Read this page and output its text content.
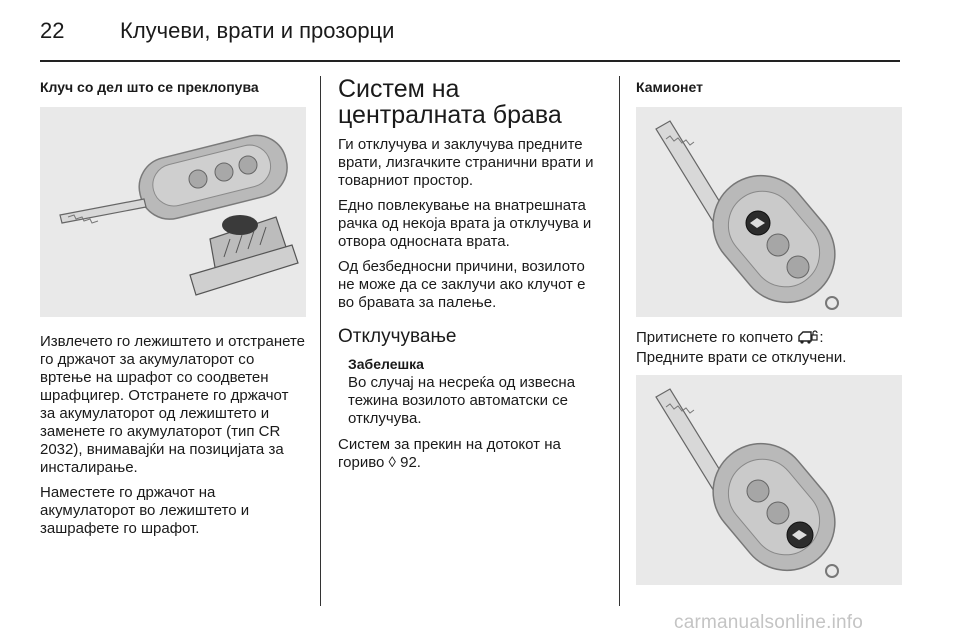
22	Клучеви, врати и прозорци
Клуч со дел што се преклопува

Извлечето го лежиштето и отстранете го држачот за акумулаторот со вртење на шрафот со соодветен шрафцигер. Отстранете го држачот за акумулаторот од лежиштето и заменете го акумулаторот (тип CR 2032), внимавајќи на позицијата за инсталирање.

Наместете го држачот на акумулаторот во лежиштето и зашрафете го шрафот.

Систем на централната брава

Ги отклучува и заклучува предните врати, лизгачките странични врати и товарниот простор.

Едно повлекување на внатрешната рачка од некоја врата ја отклучува и отвора односната врата.

Од безбедносни причини, возилото не може да се заклучи ако клучот е во бравата за палење.

Отклучување
Забелешка
Во случај на несреќа од извесна тежина возилото автоматски се отклучува.

Систем за прекин на дотокот на гориво ◊ 92.

Камионет

Притиснете го копчето :
Предните врати се отклучени.

carmanualsonline.info
